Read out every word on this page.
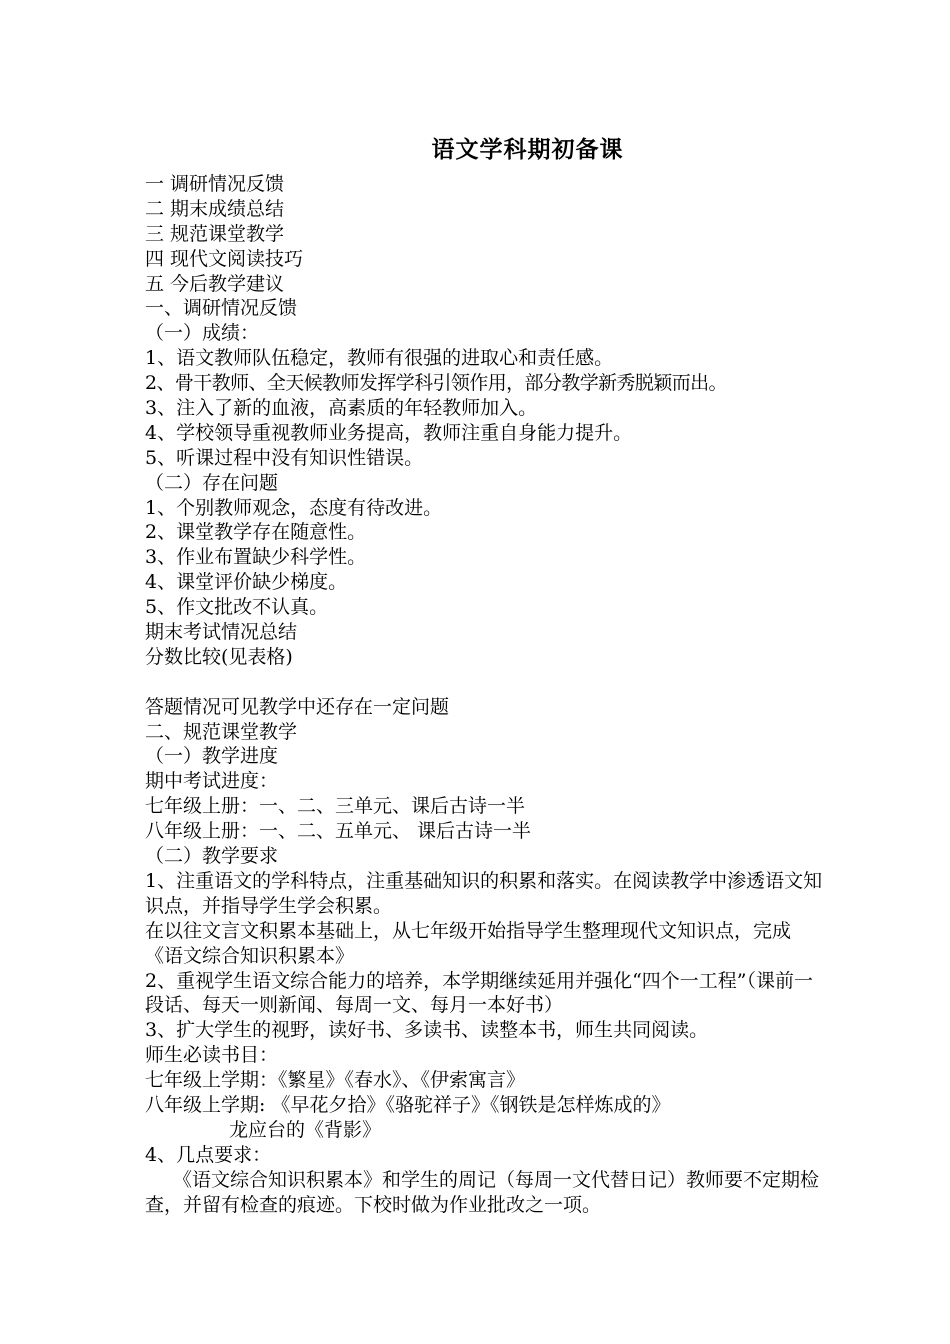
语文学科期初备课
一 调研情况反馈
二 期末成绩总结
三 规范课堂教学
四 现代文阅读技巧
五 今后教学建议
一、调研情况反馈
（一）成绩：
1、语文教师队伍稳定，教师有很强的进取心和责任感。
2、骨干教师、全天候教师发挥学科引领作用，部分教学新秀脱颖而出。
3、注入了新的血液，高素质的年轻教师加入。
4、学校领导重视教师业务提高，教师注重自身能力提升。
5、听课过程中没有知识性错误。
（二）存在问题
1、个别教师观念，态度有待改进。
2、课堂教学存在随意性。
3、作业布置缺少科学性。
4、课堂评价缺少梯度。
5、作文批改不认真。
期末考试情况总结
分数比较(见表格)
答题情况可见教学中还存在一定问题
二、规范课堂教学
（一）教学进度
期中考试进度：
七年级上册：一、二、三单元、课后古诗一半
八年级上册：一、二、五单元、 课后古诗一半
（二）教学要求
1、注重语文的学科特点，注重基础知识的积累和落实。在阅读教学中渗透语文知识点，并指导学生学会积累。
在以往文言文积累本基础上，从七年级开始指导学生整理现代文知识点，完成《语文综合知识积累本》
2、重视学生语文综合能力的培养，本学期继续延用并强化“四个一工程”（课前一段话、每天一则新闻、每周一文、每月一本好书）
3、扩大学生的视野，读好书、多读书、读整本书，师生共同阅读。
师生必读书目：
七年级上学期：《繁星》《春水》、《伊索寓言》
八年级上学期: 《早花夕拾》《骆驼祥子》《钢铁是怎样炼成的》
龙应台的《背影》
4、几点要求：
《语文综合知识积累本》和学生的周记（每周一文代替日记）教师要不定期检查，并留有检查的痕迹。下校时做为作业批改之一项。
